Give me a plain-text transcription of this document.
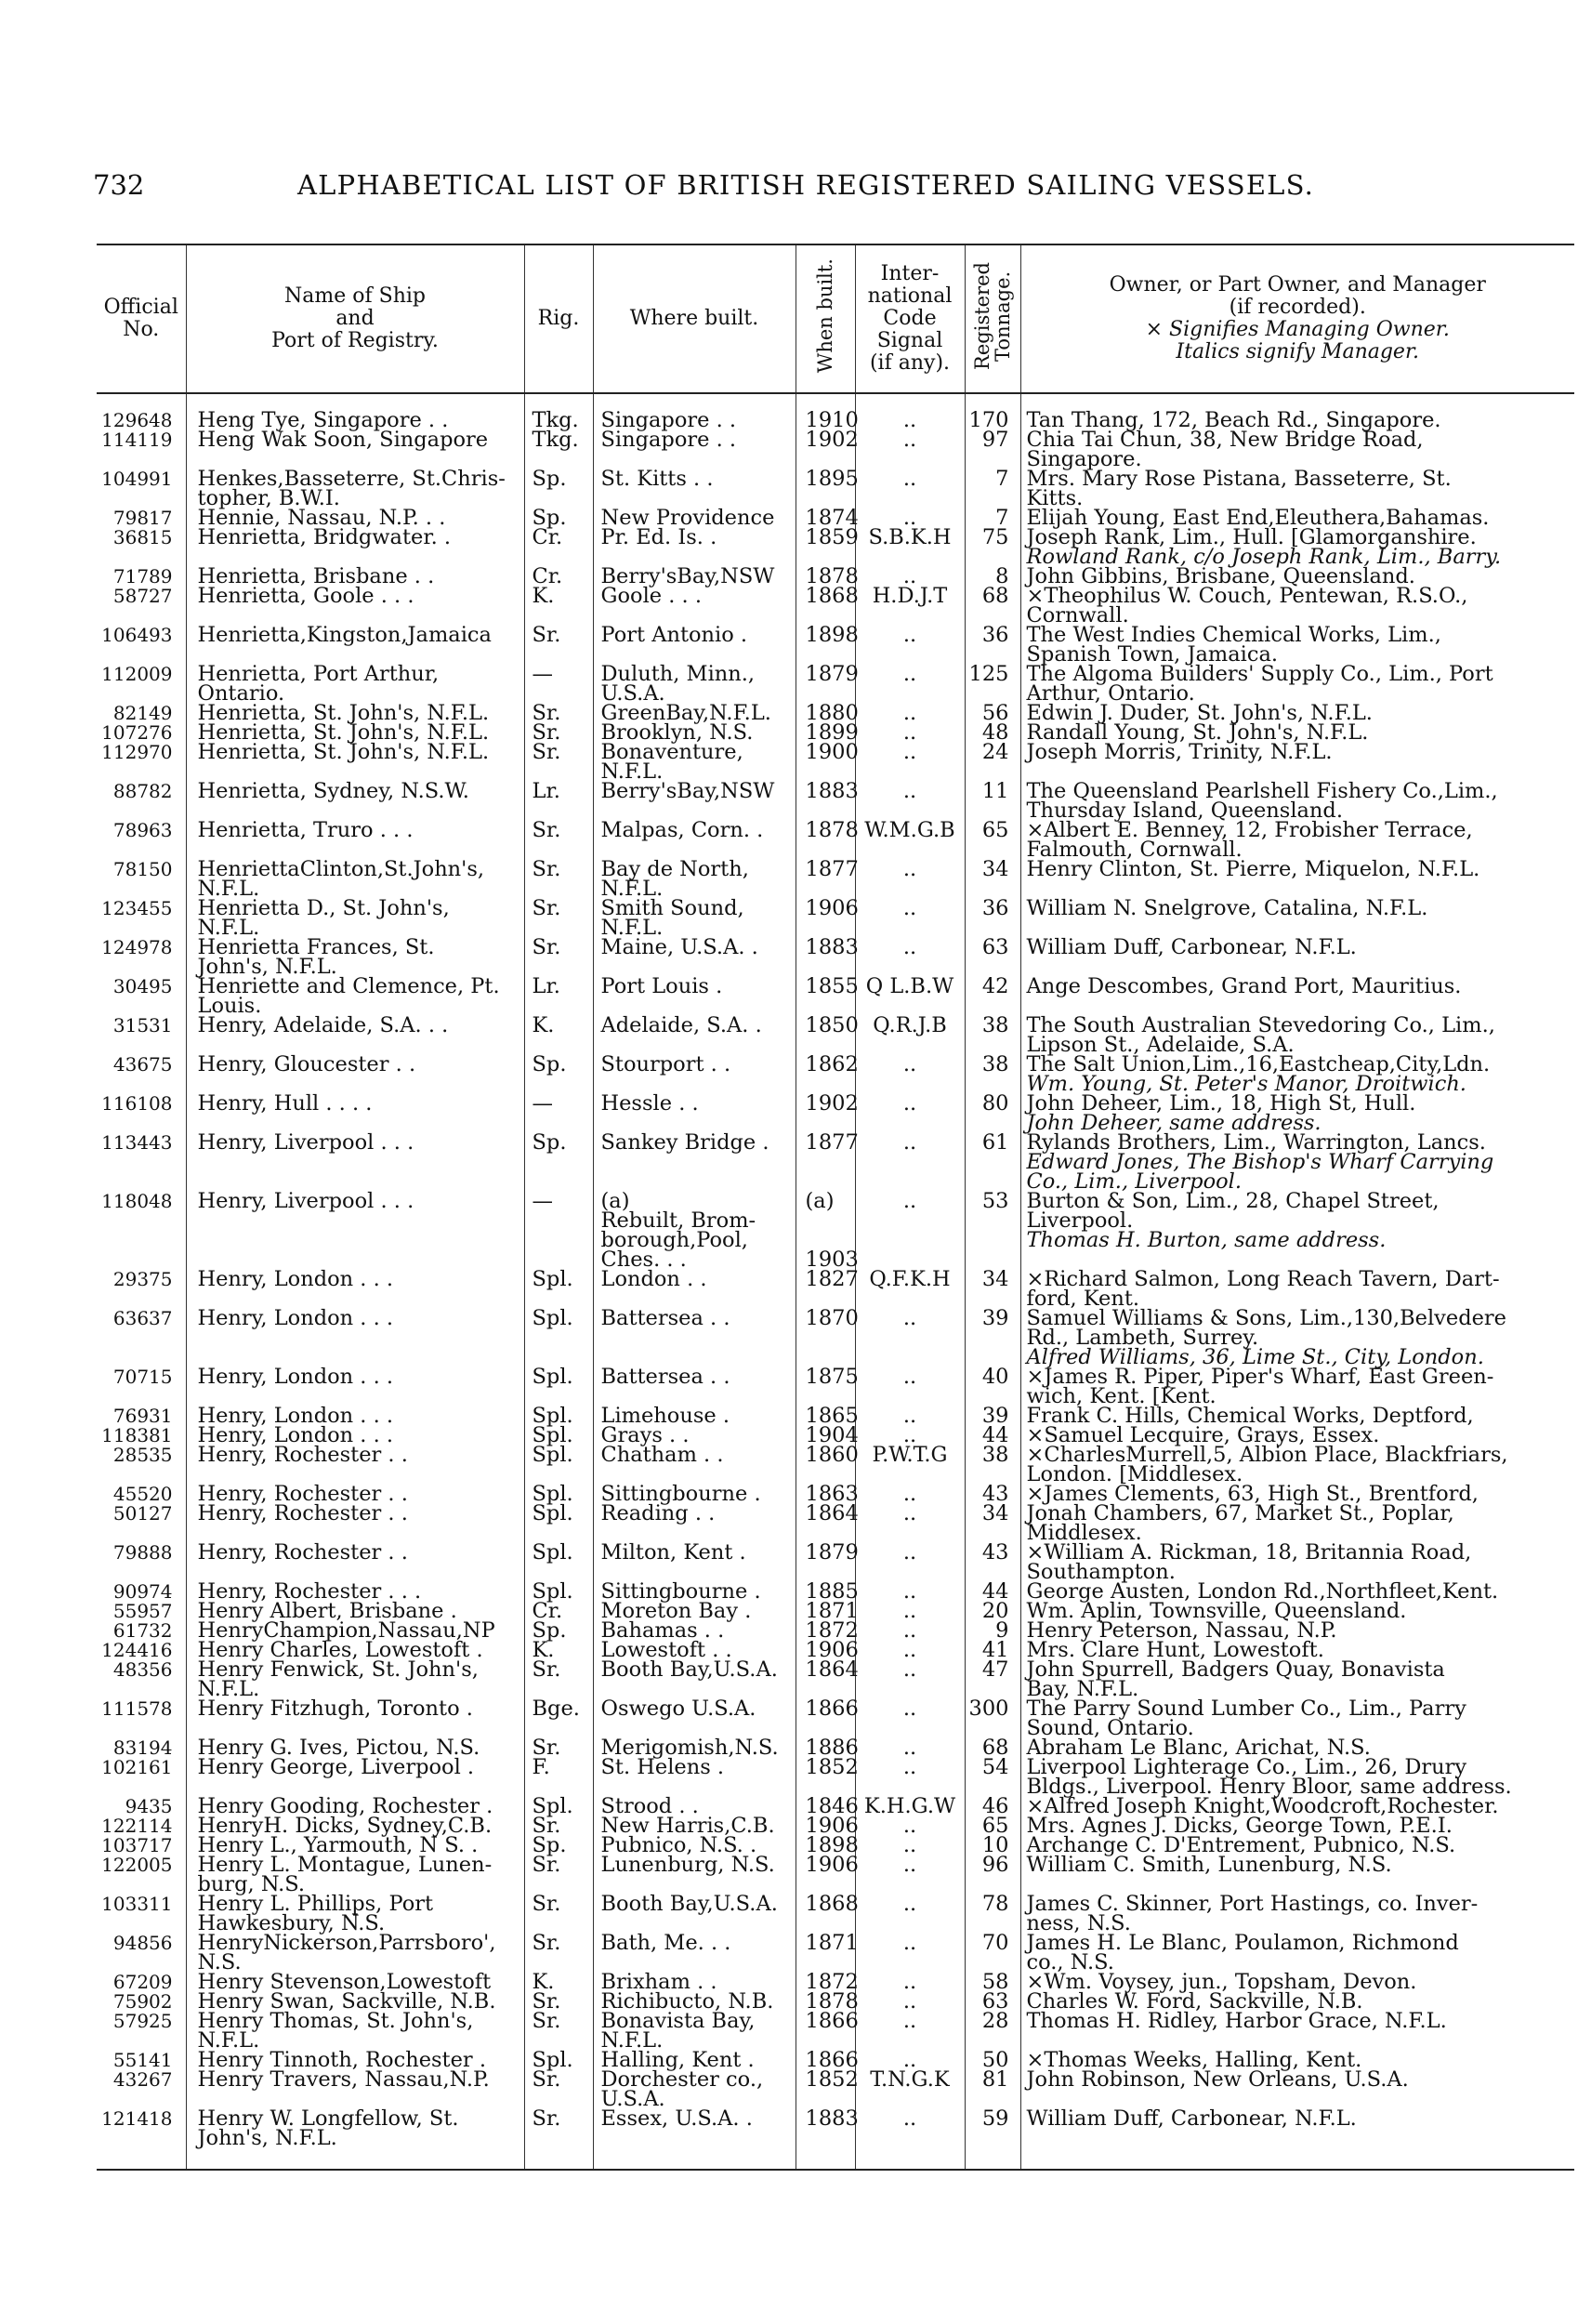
732	ALPHABETICAL LIST OF BRITISH REGISTERED SAILING VESSELS.
Official
No.	Name of Ship
and
Port of Registry.	Rig.	Where built.	When built.	Inter-
national
Code
Signal
(if any).	Registered
Tonnage.	Owner, or Part Owner, and Manager
(if recorded).
× Signifies Managing Owner.
Italics signify Manager.
129648	Heng Tye, Singapore . .	Tkg.	Singapore . .	1910	..	170	Tan Thang, 172, Beach Rd., Singapore.
114119	Heng Wak Soon, Singapore	Tkg.	Singapore . .	1902	..	97	Chia Tai Chun, 38, New Bridge Road,
Singapore.
104991	Henkes,Basseterre, St.Chris-
topher, B.W.I.	Sp.	St. Kitts . .	1895	..	7	Mrs. Mary Rose Pistana, Basseterre, St.
Kitts.
79817	Hennie, Nassau, N.P. . .	Sp.	New Providence	1874	..	7	Elijah Young, East End,Eleuthera,Bahamas.
36815	Henrietta, Bridgwater. .	Cr.	Pr. Ed. Is. .	1859	S.B.K.H	75	Joseph Rank, Lim., Hull. [Glamorganshire.
Rowland Rank, c/o Joseph Rank, Lim., Barry.
71789	Henrietta, Brisbane . .	Cr.	Berry'sBay,NSW	1878	..	8	John Gibbins, Brisbane, Queensland.
58727	Henrietta, Goole . . .	K.	Goole . . .	1868	H.D.J.T	68	×Theophilus W. Couch, Pentewan, R.S.O.,
Cornwall.
106493	Henrietta,Kingston,Jamaica	Sr.	Port Antonio .	1898	..	36	The West Indies Chemical Works, Lim.,
Spanish Town, Jamaica.
112009	Henrietta, Port Arthur,
Ontario.	—	Duluth, Minn.,
U.S.A.	1879	..	125	The Algoma Builders' Supply Co., Lim., Port
Arthur, Ontario.
82149	Henrietta, St. John's, N.F.L.	Sr.	GreenBay,N.F.L.	1880	..	56	Edwin J. Duder, St. John's, N.F.L.
107276	Henrietta, St. John's, N.F.L.	Sr.	Brooklyn, N.S.	1899	..	48	Randall Young, St. John's, N.F.L.
112970	Henrietta, St. John's, N.F.L.	Sr.	Bonaventure,
N.F.L.	1900	..	24	Joseph Morris, Trinity, N.F.L.
88782	Henrietta, Sydney, N.S.W.	Lr.	Berry'sBay,NSW	1883	..	11	The Queensland Pearlshell Fishery Co.,Lim.,
Thursday Island, Queensland.
78963	Henrietta, Truro . . .	Sr.	Malpas, Corn. .	1878	W.M.G.B	65	×Albert E. Benney, 12, Frobisher Terrace,
Falmouth, Cornwall.
78150	HenriettaClinton,St.John's,
N.F.L.	Sr.	Bay de North,
N.F.L.	1877	..	34	Henry Clinton, St. Pierre, Miquelon, N.F.L.
123455	Henrietta D., St. John's,
N.F.L.	Sr.	Smith Sound,
N.F.L.	1906	..	36	William N. Snelgrove, Catalina, N.F.L.
124978	Henrietta Frances, St.
John's, N.F.L.	Sr.	Maine, U.S.A. .	1883	..	63	William Duff, Carbonear, N.F.L.
30495	Henriette and Clemence, Pt.
Louis.	Lr.	Port Louis .	1855	Q L.B.W	42	Ange Descombes, Grand Port, Mauritius.
31531	Henry, Adelaide, S.A. . .	K.	Adelaide, S.A. .	1850	Q.R.J.B	38	The South Australian Stevedoring Co., Lim.,
Lipson St., Adelaide, S.A.
43675	Henry, Gloucester . .	Sp.	Stourport . .	1862	..	38	The Salt Union,Lim.,16,Eastcheap,City,Ldn.
Wm. Young, St. Peter's Manor, Droitwich.
116108	Henry, Hull . . . .	—	Hessle . .	1902	..	80	John Deheer, Lim., 18, High St, Hull.
John Deheer, same address.
113443	Henry, Liverpool . . .	Sp.	Sankey Bridge .	1877	..	61	Rylands Brothers, Lim., Warrington, Lancs.
Edward Jones, The Bishop's Wharf Carrying
Co., Lim., Liverpool.
118048	Henry, Liverpool . . .	—	(a)
Rebuilt, Brom-
borough,Pool,
Ches. . .	(a)

1903	..	53	Burton & Son, Lim., 28, Chapel Street,
Liverpool.
Thomas H. Burton, same address.
29375	Henry, London . . .	Spl.	London . .	1827	Q.F.K.H	34	×Richard Salmon, Long Reach Tavern, Dart-
ford, Kent.
63637	Henry, London . . .	Spl.	Battersea . .	1870	..	39	Samuel Williams & Sons, Lim.,130,Belvedere
Rd., Lambeth, Surrey.
Alfred Williams, 36, Lime St., City, London.
70715	Henry, London . . .	Spl.	Battersea . .	1875	..	40	×James R. Piper, Piper's Wharf, East Green-
wich, Kent. [Kent.
76931	Henry, London . . .	Spl.	Limehouse .	1865	..	39	Frank C. Hills, Chemical Works, Deptford,
118381	Henry, London . . .	Spl.	Grays . .	1904	..	44	×Samuel Lecquire, Grays, Essex.
28535	Henry, Rochester . .	Spl.	Chatham . .	1860	P.W.T.G	38	×CharlesMurrell,5, Albion Place, Blackfriars,
London. [Middlesex.
45520	Henry, Rochester . .	Spl.	Sittingbourne .	1863	..	43	×James Clements, 63, High St., Brentford,
50127	Henry, Rochester . .	Spl.	Reading . .	1864	..	34	Jonah Chambers, 67, Market St., Poplar,
Middlesex.
79888	Henry, Rochester . .	Spl.	Milton, Kent .	1879	..	43	×William A. Rickman, 18, Britannia Road,
Southampton.
90974	Henry, Rochester . . .	Spl.	Sittingbourne .	1885	..	44	George Austen, London Rd.,Northfleet,Kent.
55957	Henry Albert, Brisbane .	Cr.	Moreton Bay .	1871	..	20	Wm. Aplin, Townsville, Queensland.
61732	HenryChampion,Nassau,NP	Sp.	Bahamas . .	1872	..	9	Henry Peterson, Nassau, N.P.
124416	Henry Charles, Lowestoft .	K.	Lowestoft . .	1906	..	41	Mrs. Clare Hunt, Lowestoft.
48356	Henry Fenwick, St. John's,
N.F.L.	Sr.	Booth Bay,U.S.A.	1864	..	47	John Spurrell, Badgers Quay, Bonavista
Bay, N.F.L.
111578	Henry Fitzhugh, Toronto .	Bge.	Oswego U.S.A.	1866	..	300	The Parry Sound Lumber Co., Lim., Parry
Sound, Ontario.
83194	Henry G. Ives, Pictou, N.S.	Sr.	Merigomish,N.S.	1886	..	68	Abraham Le Blanc, Arichat, N.S.
102161	Henry George, Liverpool .	F.	St. Helens .	1852	..	54	Liverpool Lighterage Co., Lim., 26, Drury
Bldgs., Liverpool. Henry Bloor, same address.
9435	Henry Gooding, Rochester .	Spl.	Strood . .	1846	K.H.G.W	46	×Alfred Joseph Knight,Woodcroft,Rochester.
122114	HenryH. Dicks, Sydney,C.B.	Sr.	New Harris,C.B.	1906	..	65	Mrs. Agnes J. Dicks, George Town, P.E.I.
103717	Henry L., Yarmouth, N S. .	Sp.	Pubnico, N.S. .	1898	..	10	Archange C. D'Entrement, Pubnico, N.S.
122005	Henry L. Montague, Lunen-
burg, N.S.	Sr.	Lunenburg, N.S.	1906	..	96	William C. Smith, Lunenburg, N.S.
103311	Henry L. Phillips, Port
Hawkesbury, N.S.	Sr.	Booth Bay,U.S.A.	1868	..	78	James C. Skinner, Port Hastings, co. Inver-
ness, N.S.
94856	HenryNickerson,Parrsboro',
N.S.	Sr.	Bath, Me. . .	1871	..	70	James H. Le Blanc, Poulamon, Richmond
co., N.S.
67209	Henry Stevenson,Lowestoft	K.	Brixham . .	1872	..	58	×Wm. Voysey, jun., Topsham, Devon.
75902	Henry Swan, Sackville, N.B.	Sr.	Richibucto, N.B.	1878	..	63	Charles W. Ford, Sackville, N.B.
57925	Henry Thomas, St. John's,
N.F.L.	Sr.	Bonavista Bay,
N.F.L.	1866	..	28	Thomas H. Ridley, Harbor Grace, N.F.L.
55141	Henry Tinnoth, Rochester .	Spl.	Halling, Kent .	1866	..	50	×Thomas Weeks, Halling, Kent.
43267	Henry Travers, Nassau,N.P.	Sr.	Dorchester co.,
U.S.A.	1852	T.N.G.K	81	John Robinson, New Orleans, U.S.A.
121418	Henry W. Longfellow, St.
John's, N.F.L.	Sr.	Essex, U.S.A. .	1883	..	59	William Duff, Carbonear, N.F.L.
